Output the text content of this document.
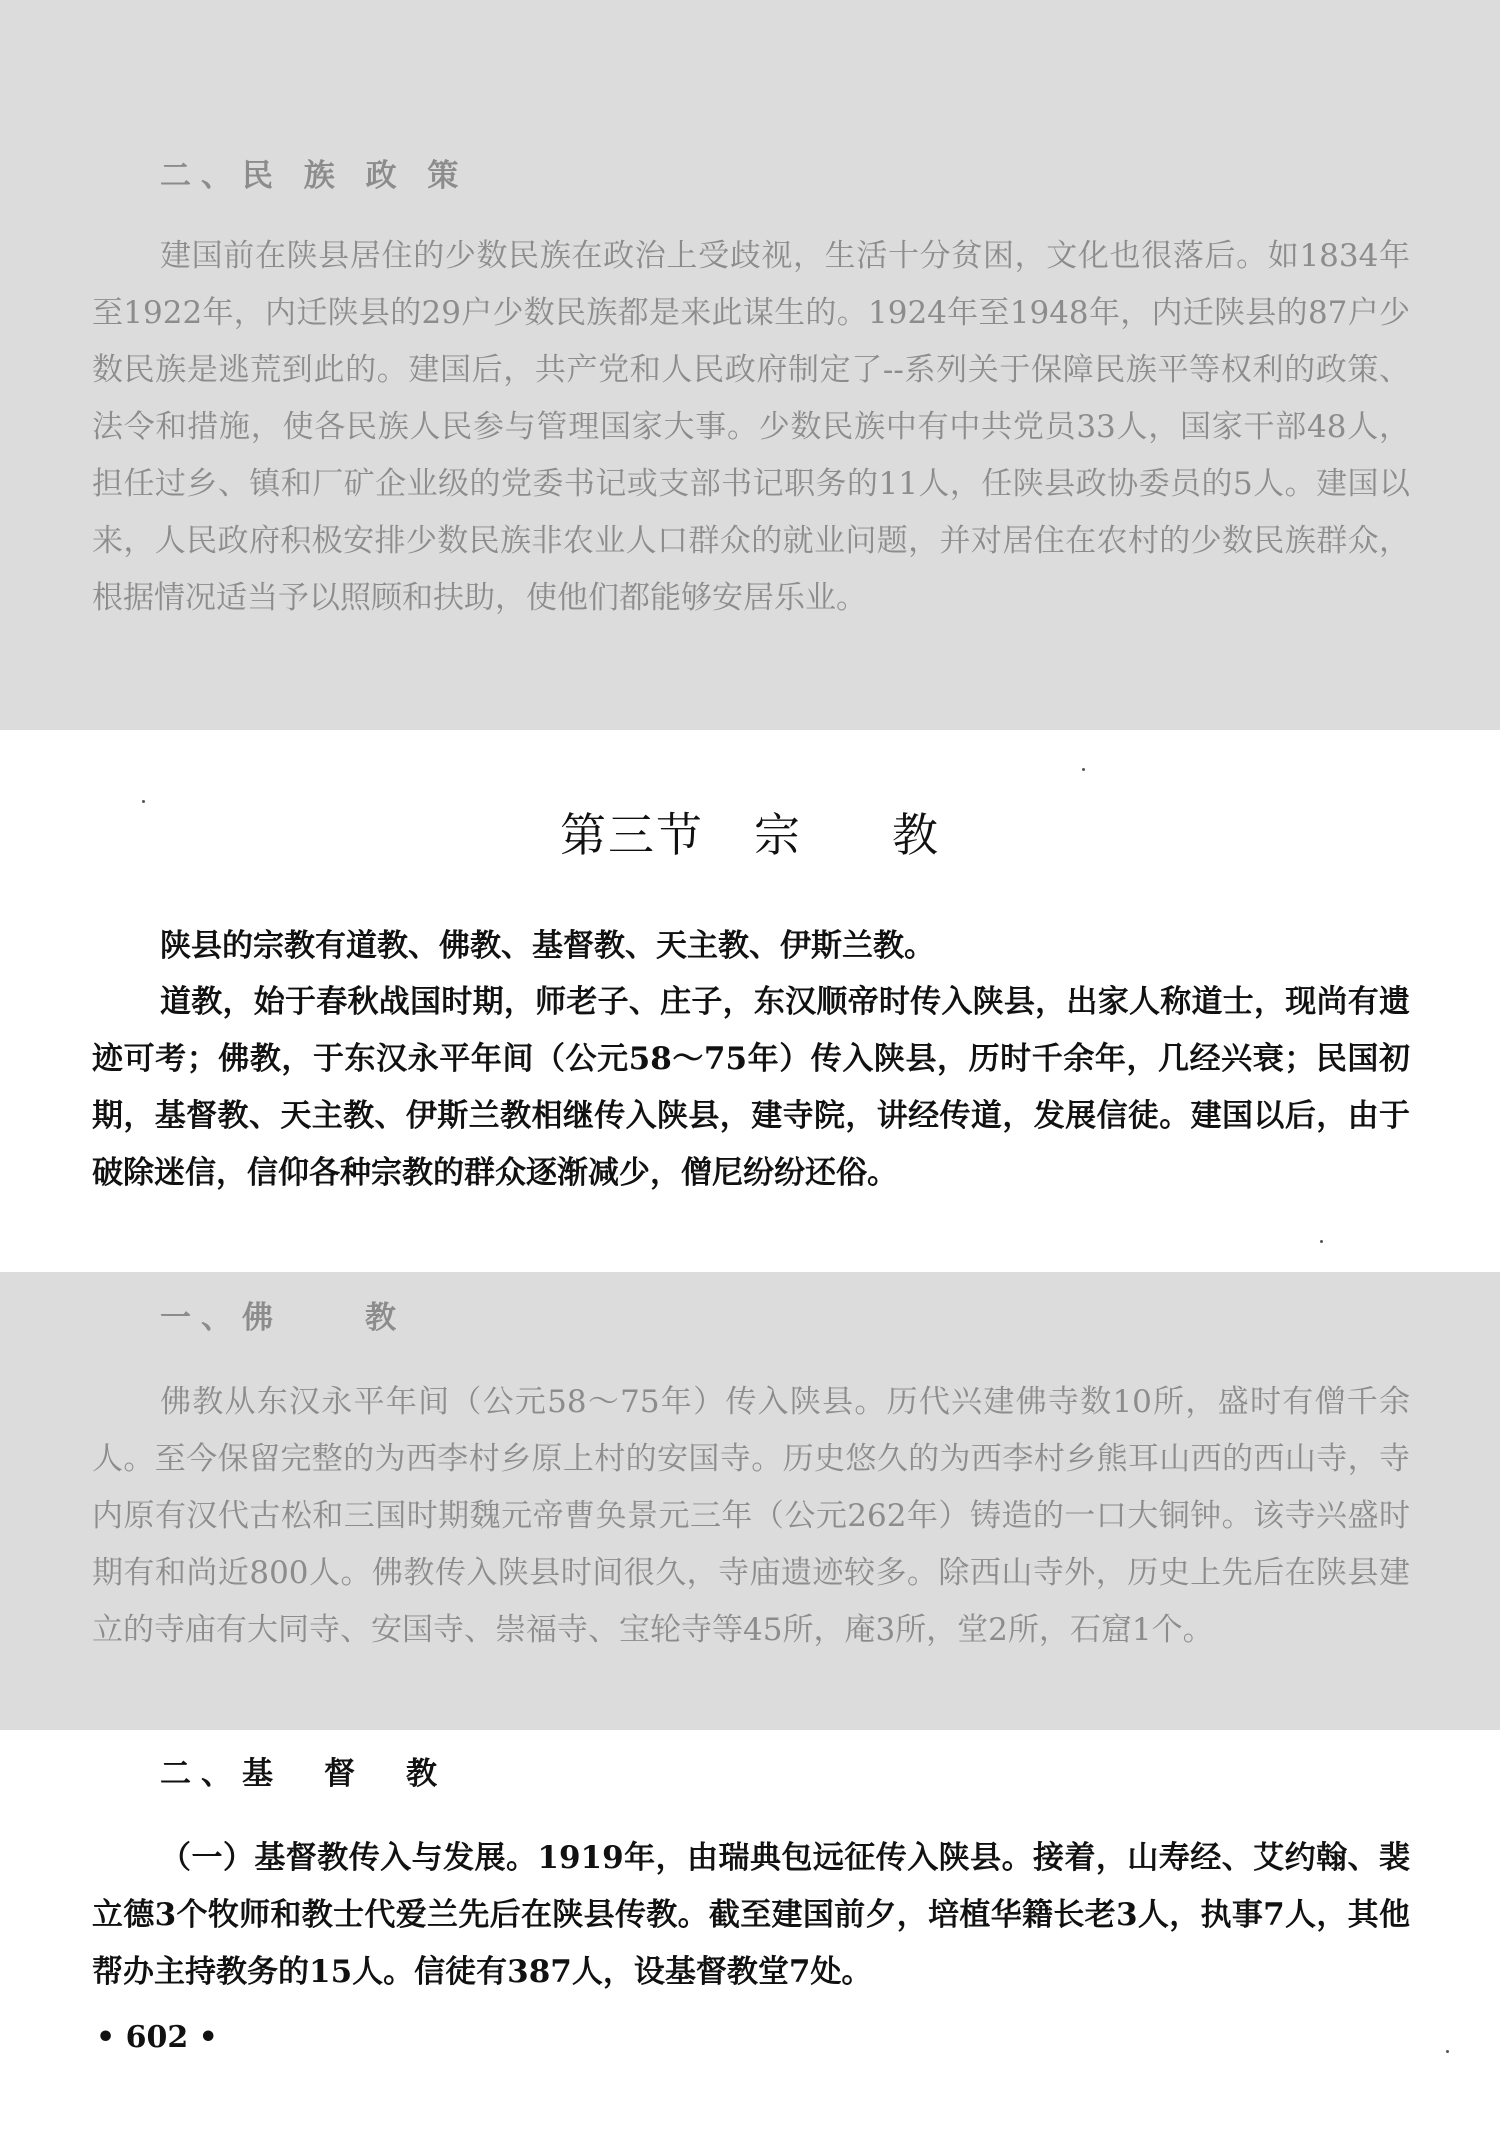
二、民 族 政 策

建国前在陕县居住的少数民族在政治上受歧视，生活十分贫困，文化也很落后。如1834年至1922年，内迁陕县的29户少数民族都是来此谋生的。1924年至1948年，内迁陕县的87户少数民族是逃荒到此的。建国后，共产党和人民政府制定了--系列关于保障民族平等权利的政策、法令和措施，使各民族人民参与管理国家大事。少数民族中有中共党员33人，国家干部48人，担任过乡、镇和厂矿企业级的党委书记或支部书记职务的11人，任陕县政协委员的5人。建国以来，人民政府积极安排少数民族非农业人口群众的就业问题，并对居住在农村的少数民族群众，根据情况适当予以照顾和扶助，使他们都能够安居乐业。

第三节 宗 教

陕县的宗教有道教、佛教、基督教、天主教、伊斯兰教。

道教，始于春秋战国时期，师老子、庄子，东汉顺帝时传入陕县，出家人称道士，现尚有遗迹可考；佛教，于东汉永平年间（公元58～75年）传入陕县，历时千余年，几经兴衰；民国初期，基督教、天主教、伊斯兰教相继传入陕县，建寺院，讲经传道，发展信徒。建国以后，由于破除迷信，信仰各种宗教的群众逐渐减少，僧尼纷纷还俗。

一、佛　　教

佛教从东汉永平年间（公元58～75年）传入陕县。历代兴建佛寺数10所，盛时有僧千余人。至今保留完整的为西李村乡原上村的安国寺。历史悠久的为西李村乡熊耳山西的西山寺，寺内原有汉代古松和三国时期魏元帝曹奂景元三年（公元262年）铸造的一口大铜钟。该寺兴盛时期有和尚近800人。佛教传入陕县时间很久，寺庙遗迹较多。除西山寺外，历史上先后在陕县建立的寺庙有大同寺、安国寺、崇福寺、宝轮寺等45所，庵3所，堂2所，石窟1个。

二、基　督　教

（一）基督教传入与发展。1919年，由瑞典包远征传入陕县。接着，山寿经、艾约翰、裴立德3个牧师和教士代爱兰先后在陕县传教。截至建国前夕，培植华籍长老3人，执事7人，其他帮办主持教务的15人。信徒有387人，设基督教堂7处。

• 602 •
